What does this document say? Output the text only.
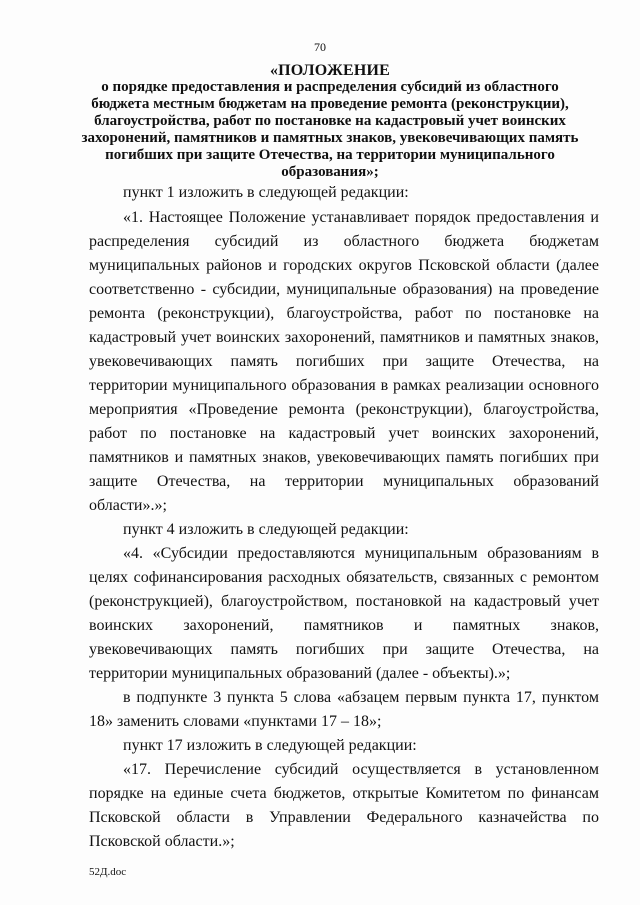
70
«ПОЛОЖЕНИЕ
о порядке предоставления и распределения субсидий из областного
бюджета местным бюджетам на проведение ремонта (реконструкции),
благоустройства, работ по постановке на кадастровый учет воинских
захоронений, памятников и памятных знаков, увековечивающих память
погибших при защите Отечества, на территории муниципального
образования»;
пункт 1 изложить в следующей редакции:
«1. Настоящее Положение устанавливает порядок предоставления и
распределения субсидий из областного бюджета бюджетам
муниципальных районов и городских округов Псковской области (далее
соответственно - субсидии, муниципальные образования) на проведение
ремонта (реконструкции), благоустройства, работ по постановке на
кадастровый учет воинских захоронений, памятников и памятных знаков,
увековечивающих память погибших при защите Отечества, на
территории муниципального образования в рамках реализации основного
мероприятия «Проведение ремонта (реконструкции), благоустройства,
работ по постановке на кадастровый учет воинских захоронений,
памятников и памятных знаков, увековечивающих память погибших при
защите Отечества, на территории муниципальных образований
области».»;
пункт 4 изложить в следующей редакции:
«4. «Субсидии предоставляются муниципальным образованиям в
целях софинансирования расходных обязательств, связанных с ремонтом
(реконструкцией), благоустройством, постановкой на кадастровый учет
воинских захоронений, памятников и памятных знаков,
увековечивающих память погибших при защите Отечества, на
территории муниципальных образований (далее - объекты).»;
в подпункте 3 пункта 5 слова «абзацем первым пункта 17, пунктом
18» заменить словами «пунктами 17 – 18»;
пункт 17 изложить в следующей редакции:
«17. Перечисление субсидий осуществляется в установленном
порядке на единые счета бюджетов, открытые Комитетом по финансам
Псковской области в Управлении Федерального казначейства по
Псковской области.»;
52Д.doc
